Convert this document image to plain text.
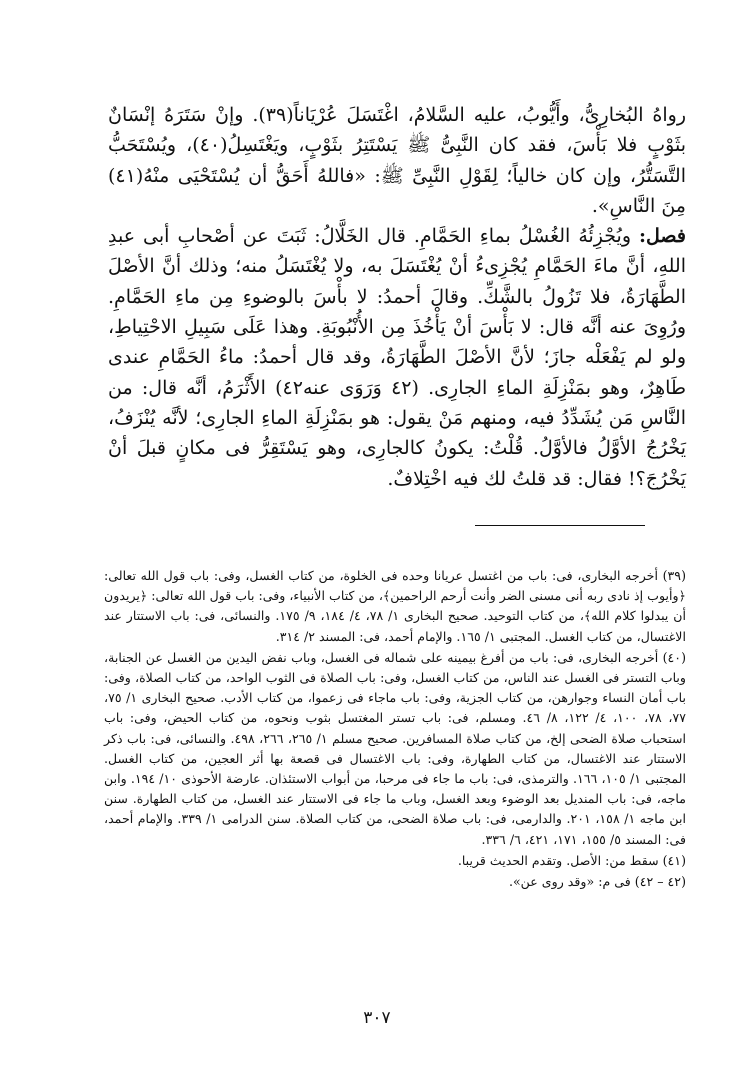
رواهُ البُخارِىُّ، وأَيُّوبُ، عليه السَّلامُ، اغْتَسَلَ عُرْيَاناً(٣٩). وإنْ سَتَرَهُ إنْسَانٌ بثَوْبٍ فلا بَأْسَ، فقد كان النَّبِىُّ ﷺ يَسْتَتِرُ بثَوْبٍ، ويَغْتَسِلُ(٤٠)، ويُسْتَحَبُّ التَّسَتُّرُ، وإن كان خالياً؛ لِقَوْلِ النَّبِىِّ ﷺ: «فاللهُ أَحَقُّ أن يُسْتَحْيَى منْهُ(٤١) مِنَ النَّاسِ».

فصل: ويُجْزِئُهُ الغُسْلُ بماءِ الحَمَّامِ. قال الخَلَّالُ: ثَبَتَ عن أصْحابِ أبى عبدِ اللهِ، أنَّ ماءَ الحَمَّامِ يُجْزِىءُ أنْ يُغْتَسَلَ به، ولا يُغْتَسَلُ منه؛ وذلك أنَّ الأصْلَ الطَّهَارَةُ، فلا تَزُولُ بالشَّكِّ. وقالَ أحمدُ: لا بأْسَ بالوضوءِ مِن ماءِ الحَمَّامِ. ورُوِىَ عنه أنَّه قال: لا بَأْسَ أنْ يَأْخُذَ مِن الأُنْبُوبَةِ. وهذا عَلَى سَبِيلِ الاحْتِياطِ، ولو لم يَفْعَلْه جازَ؛ لأنَّ الأصْلَ الطَّهَارَةُ، وقد قال أحمدُ: ماءُ الحَمَّامِ عندى طَاهِرٌ، وهو بمَنْزِلَةِ الماءِ الجارِى. (٤٢ وَرَوَى عنه٤٢) الأَثْرَمُ، أنَّه قال: من النَّاسِ مَن يُشَدِّدُ فيه، ومنهم مَنْ يقول: هو بمَنْزِلَةِ الماءِ الجارِى؛ لأنَّه يُنْزَفُ، يَخْرُجُ الأوَّلُ فالأوَّلُ. قُلْتُ: يكونُ كالجارِى، وهو يَسْتَقِرُّ فى مكانٍ قبلَ أنْ يَخْرُجَ؟! فقال: قد قلتُ لك فيه اخْتِلافٌ.

(٣٩) أخرجه البخارى، فى: باب من اغتسل عريانا وحده فى الخلوة، من كتاب الغسل، وفى: باب قول الله تعالى: ﴿وأيوب إذ نادى ربه أنى مسنى الضر وأنت أرحم الراحمين﴾، من كتاب الأنبياء، وفى: باب قول الله تعالى: ﴿يريدون أن يبدلوا كلام الله﴾، من كتاب التوحيد. صحيح البخارى ١/ ٧٨، ٤/ ١٨٤، ٩/ ١٧٥. والنسائى، فى: باب الاستتار عند الاغتسال، من كتاب الغسل. المجتبى ١/ ١٦٥. والإمام أحمد، فى: المسند ٢/ ٣١٤.

(٤٠) أخرجه البخارى، فى: باب من أفرغ بيمينه على شماله فى الغسل، وباب نفض اليدين من الغسل عن الجنابة، وباب التستر فى الغسل عند الناس، من كتاب الغسل، وفى: باب الصلاة فى الثوب الواحد، من كتاب الصلاة، وفى: باب أمان النساء وجوارهن، من كتاب الجزية، وفى: باب ماجاء فى زعموا، من كتاب الأدب. صحيح البخارى ١/ ٧٥، ٧٧، ٧٨، ١٠٠، ٤/ ١٢٢، ٨/ ٤٦. ومسلم، فى: باب تستر المغتسل بثوب ونحوه، من كتاب الحيض، وفى: باب استحباب صلاة الضحى إلخ، من كتاب صلاة المسافرين. صحيح مسلم ١/ ٢٦٥، ٢٦٦، ٤٩٨. والنسائى، فى: باب ذكر الاستتار عند الاغتسال، من كتاب الطهارة، وفى: باب الاغتسال فى قصعة بها أثر العجين، من كتاب الغسل. المجتبى ١/ ١٠٥، ١٦٦. والترمذى، فى: باب ما جاء فى مرحبا، من أبواب الاستئذان. عارضة الأحوذى ١٠/ ١٩٤. وابن ماجه، فى: باب المنديل بعد الوضوء وبعد الغسل، وباب ما جاء فى الاستتار عند الغسل، من كتاب الطهارة. سنن ابن ماجه ١/ ١٥٨، ٢٠١. والدارمى، فى: باب صلاة الضحى، من كتاب الصلاة. سنن الدرامى ١/ ٣٣٩. والإمام أحمد، فى: المسند ٥/ ١٥٥، ١٧١، ٤٢١، ٦/ ٣٣٦.

(٤١) سقط من: الأصل. وتقدم الحديث قريبا.

(٤٢ – ٤٢) فى م: «وقد روى عن».

٣٠٧
